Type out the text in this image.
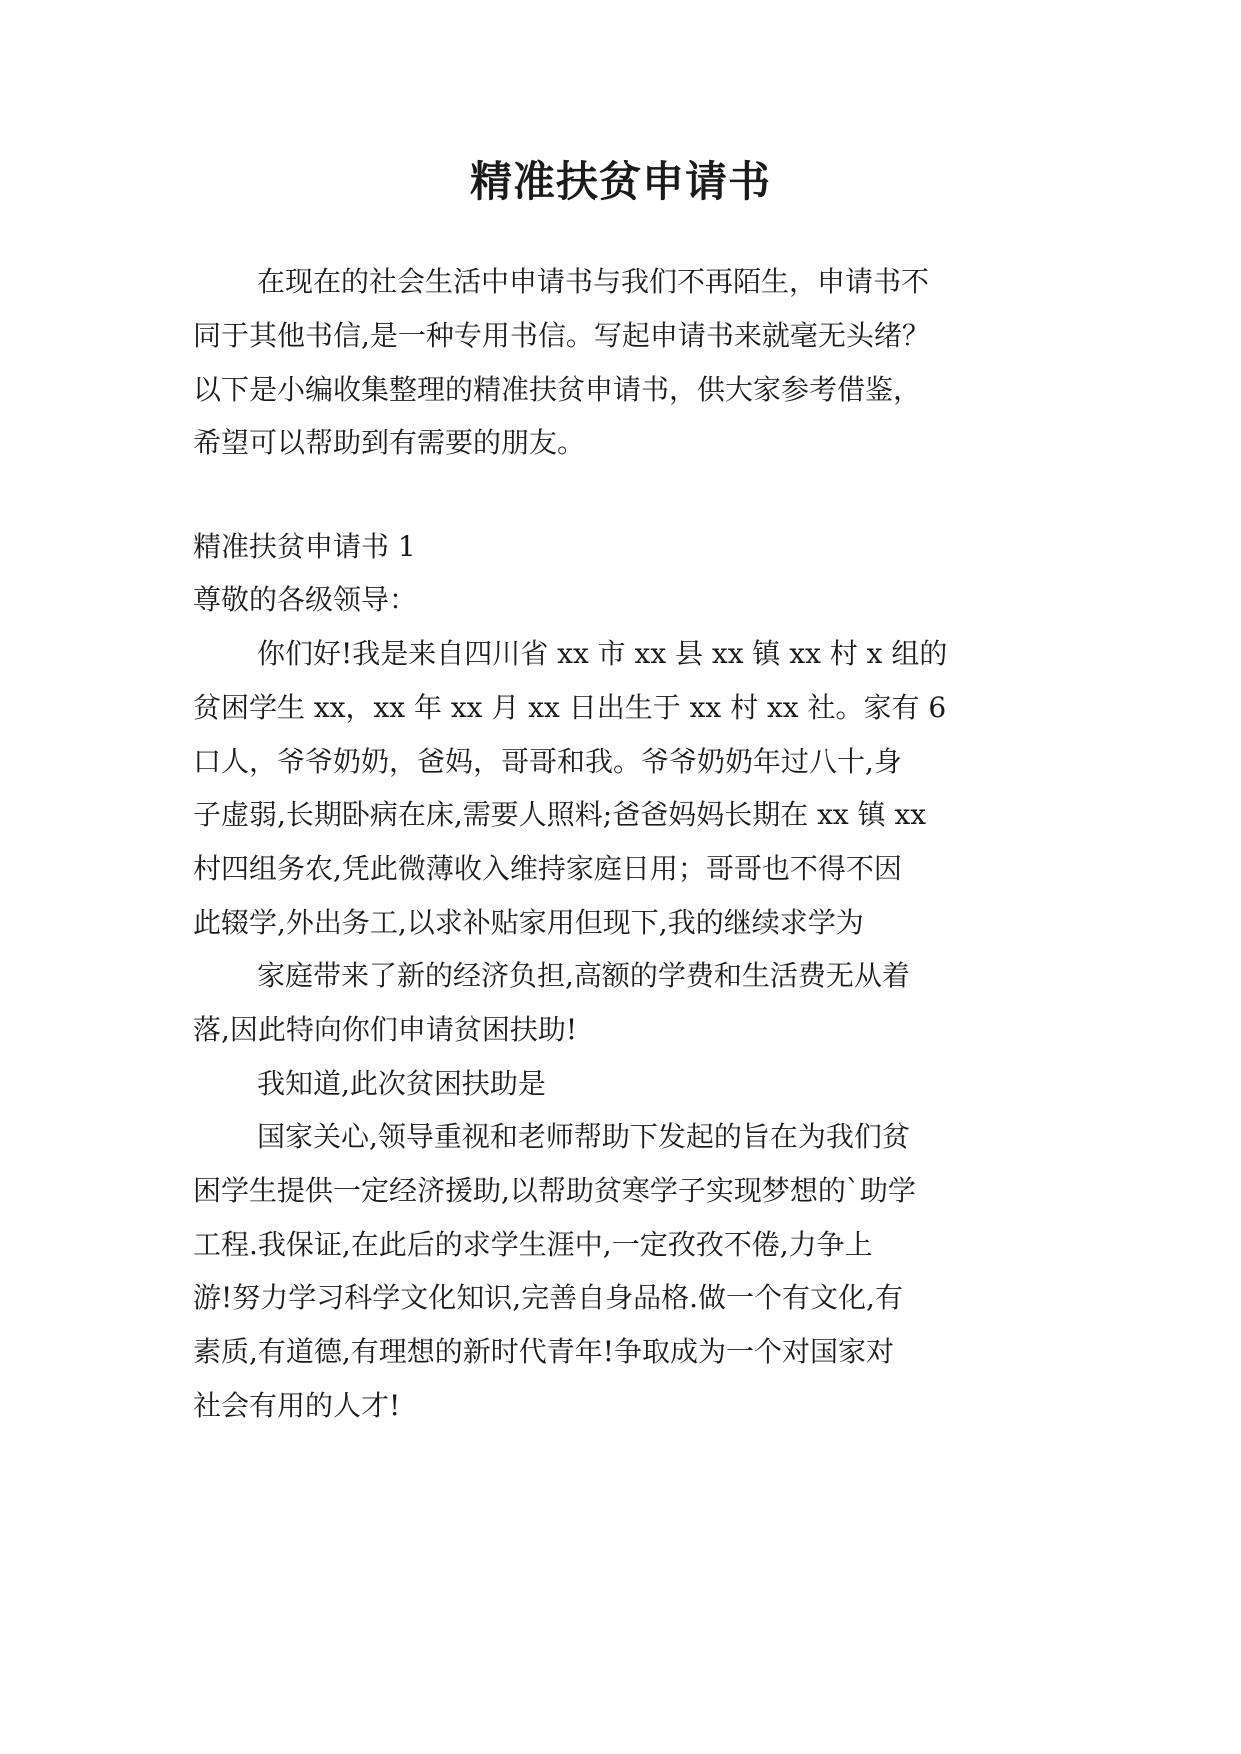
精准扶贫申请书

在现在的社会生活中申请书与我们不再陌生，申请书不

同于其他书信,是一种专用书信。写起申请书来就毫无头绪？

以下是小编收集整理的精准扶贫申请书，供大家参考借鉴，

希望可以帮助到有需要的朋友。

精准扶贫申请书 1

尊敬的各级领导：

你们好!我是来自四川省 xx 市 xx 县 xx 镇 xx 村 x 组的

贫困学生 xx，xx 年 xx 月 xx 日出生于 xx 村 xx 社。家有 6

口人，爷爷奶奶，爸妈，哥哥和我。爷爷奶奶年过八十,身

子虚弱,长期卧病在床,需要人照料;爸爸妈妈长期在 xx 镇 xx

村四组务农,凭此微薄收入维持家庭日用；哥哥也不得不因

此辍学,外出务工,以求补贴家用但现下,我的继续求学为

家庭带来了新的经济负担,高额的学费和生活费无从着

落,因此特向你们申请贫困扶助!

我知道,此次贫困扶助是

国家关心,领导重视和老师帮助下发起的旨在为我们贫

困学生提供一定经济援助,以帮助贫寒学子实现梦想的`助学

工程.我保证,在此后的求学生涯中,一定孜孜不倦,力争上

游!努力学习科学文化知识,完善自身品格.做一个有文化,有

素质,有道德,有理想的新时代青年!争取成为一个对国家对

社会有用的人才!
